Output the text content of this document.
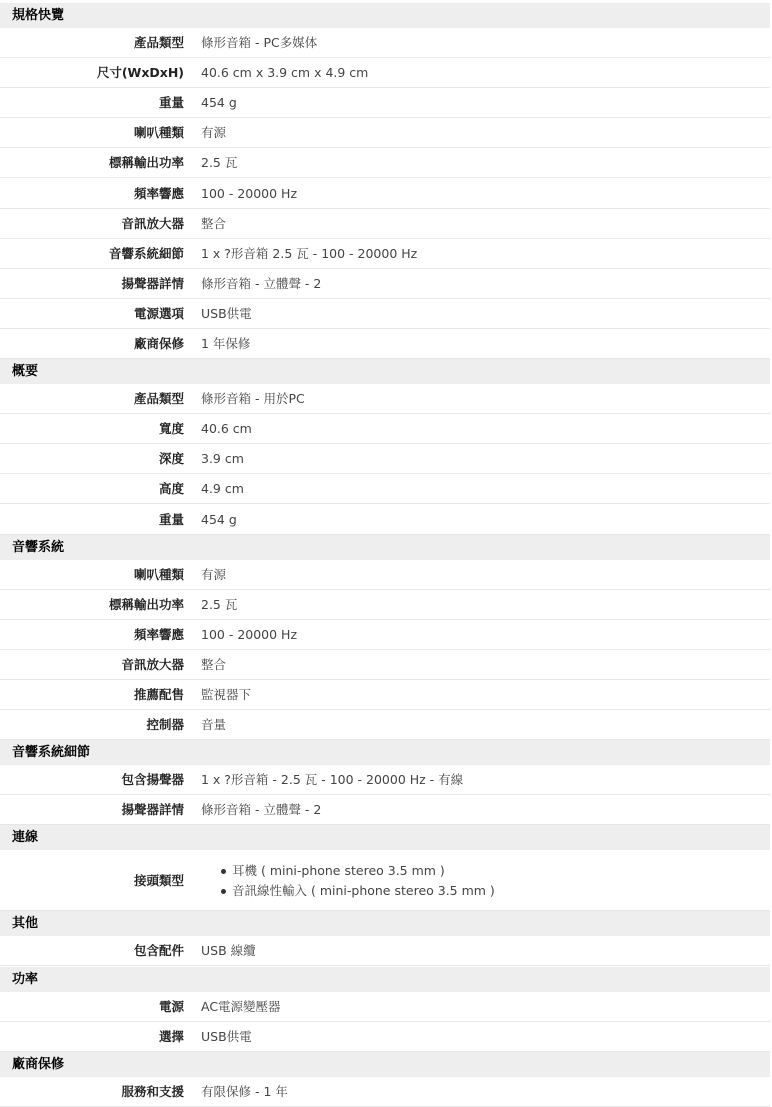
規格快覽
產品類型 條形音箱 - PC多媒体
尺寸(WxDxH) 40.6 cm x 3.9 cm x 4.9 cm
重量 454 g
喇叭種類 有源
標稱輸出功率 2.5 瓦
頻率響應 100 - 20000 Hz
音訊放大器 整合
音響系統細節 1 x ?形音箱 2.5 瓦 - 100 - 20000 Hz
揚聲器詳情 條形音箱 - 立體聲 - 2
電源選項 USB供電
廠商保修 1 年保修
概要
產品類型 條形音箱 - 用於PC
寬度 40.6 cm
深度 3.9 cm
高度 4.9 cm
重量 454 g
音響系統
喇叭種類 有源
標稱輸出功率 2.5 瓦
頻率響應 100 - 20000 Hz
音訊放大器 整合
推薦配售 監視器下
控制器 音量
音響系統細節
包含揚聲器 1 x ?形音箱 - 2.5 瓦 - 100 - 20000 Hz - 有線
揚聲器詳情 條形音箱 - 立體聲 - 2
連線
接頭類型
耳機 ( mini-phone stereo 3.5 mm )
音訊線性輸入 ( mini-phone stereo 3.5 mm )
其他
包含配件 USB 線纜
功率
電源 AC電源變壓器
選擇 USB供電
廠商保修
服務和支援 有限保修 - 1 年
